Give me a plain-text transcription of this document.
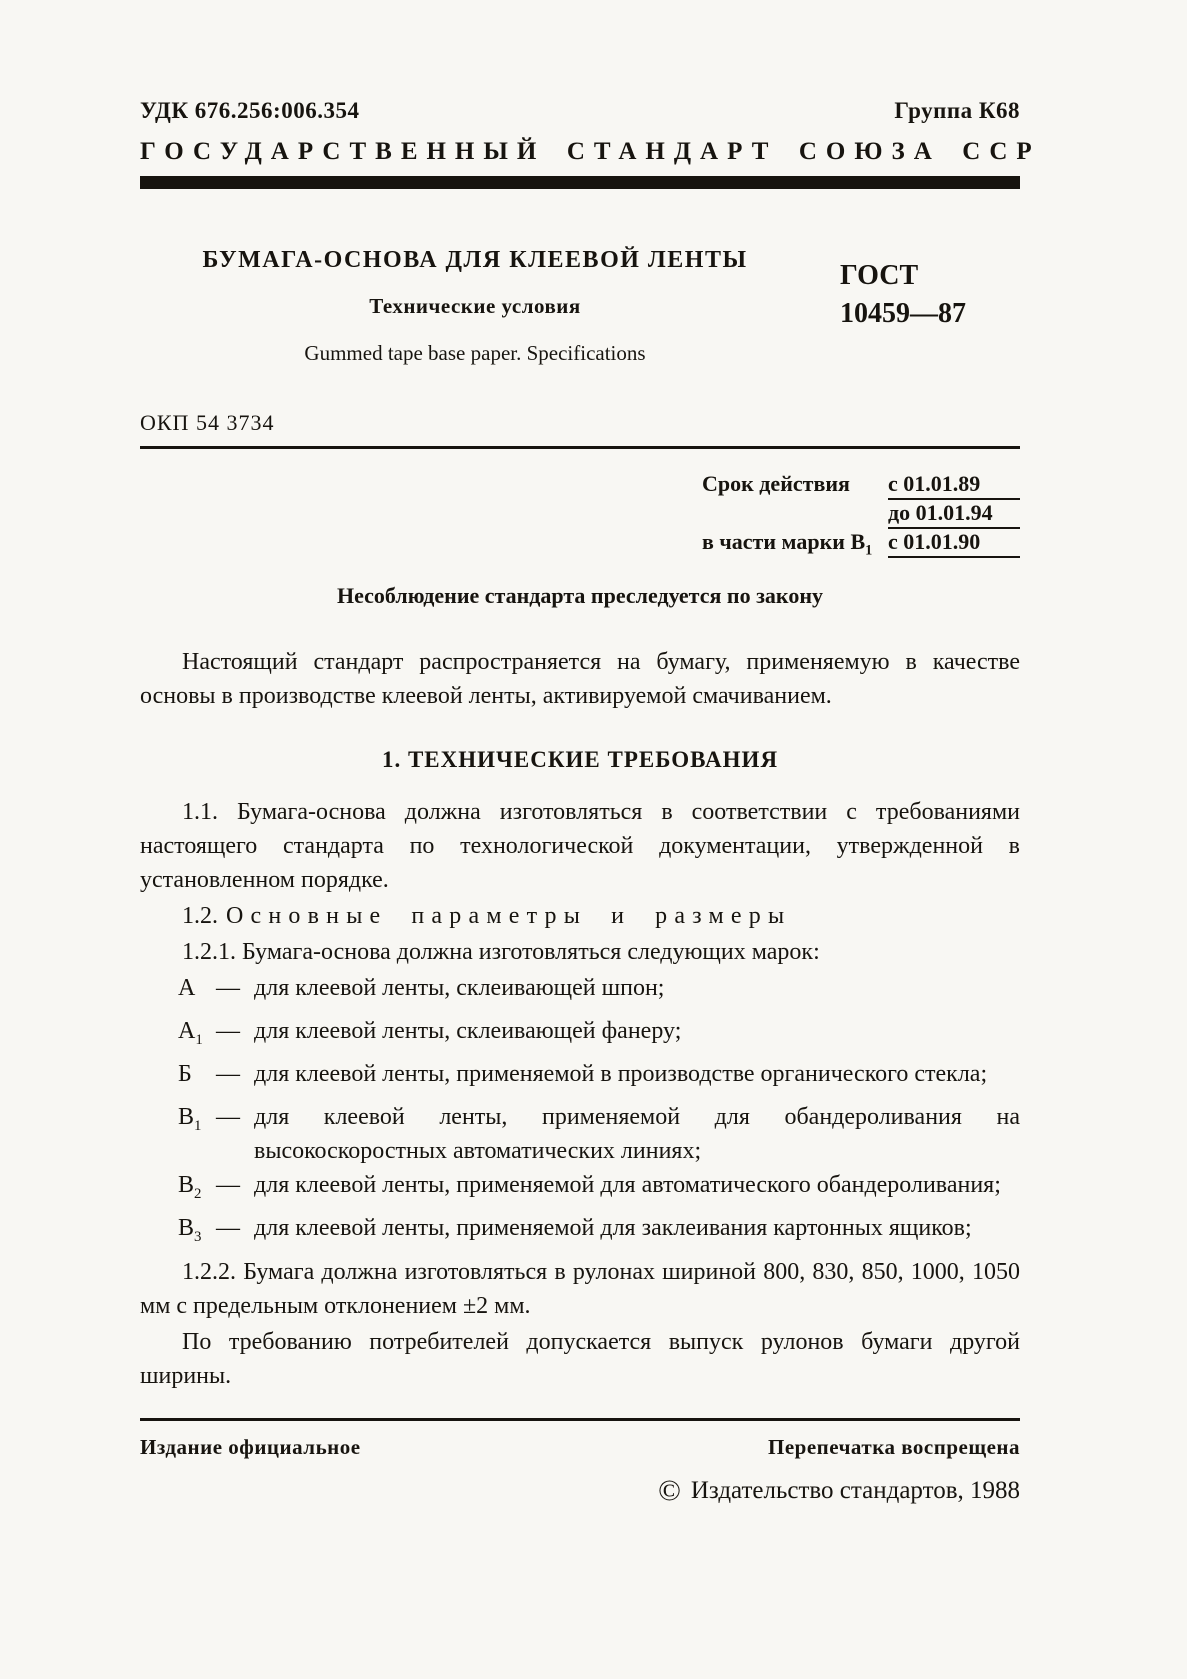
УДК 676.256:006.354	Группа К68
ГОСУДАРСТВЕННЫЙ СТАНДАРТ СОЮЗА ССР
БУМАГА-ОСНОВА ДЛЯ КЛЕЕВОЙ ЛЕНТЫ
Технические условия
Gummed tape base paper. Specifications
ГОСТ
10459—87
ОКП 54 3734
Срок действия с 01.01.89
до 01.01.94
в части марки $В_1$ с 01.01.90
Несоблюдение стандарта преследуется по закону

Настоящий стандарт распространяется на бумагу, применяемую в качестве основы в производстве клеевой ленты, активируемой смачиванием.

1. ТЕХНИЧЕСКИЕ ТРЕБОВАНИЯ

1.1. Бумага-основа должна изготовляться в соответствии с требованиями настоящего стандарта по технологической документации, утвержденной в установленном порядке.

1.2. Основные параметры и размеры

1.2.1. Бумага-основа должна изготовляться следующих марок:

А — для клеевой ленты, склеивающей шпон;
$А_1$ — для клеевой ленты, склеивающей фанеру;
Б	— для клеевой ленты, применяемой в производстве органического стекла;
$В_1$ — для клеевой ленты, применяемой для обандероливания на высокоскоростных автоматических линиях;
$В_2$ — для клеевой ленты, применяемой для автоматического обандероливания;
$В_3$ — для клеевой ленты, применяемой для заклеивания картонных ящиков;

1.2.2. Бумага должна изготовляться в рулонах шириной 800, 830, 850, 1000, 1050 мм с предельным отклонением ±2 мм.

По требованию потребителей допускается выпуск рулонов бумаги другой ширины.

Издание официальное	Перепечатка воспрещена
© Издательство стандартов, 1988
